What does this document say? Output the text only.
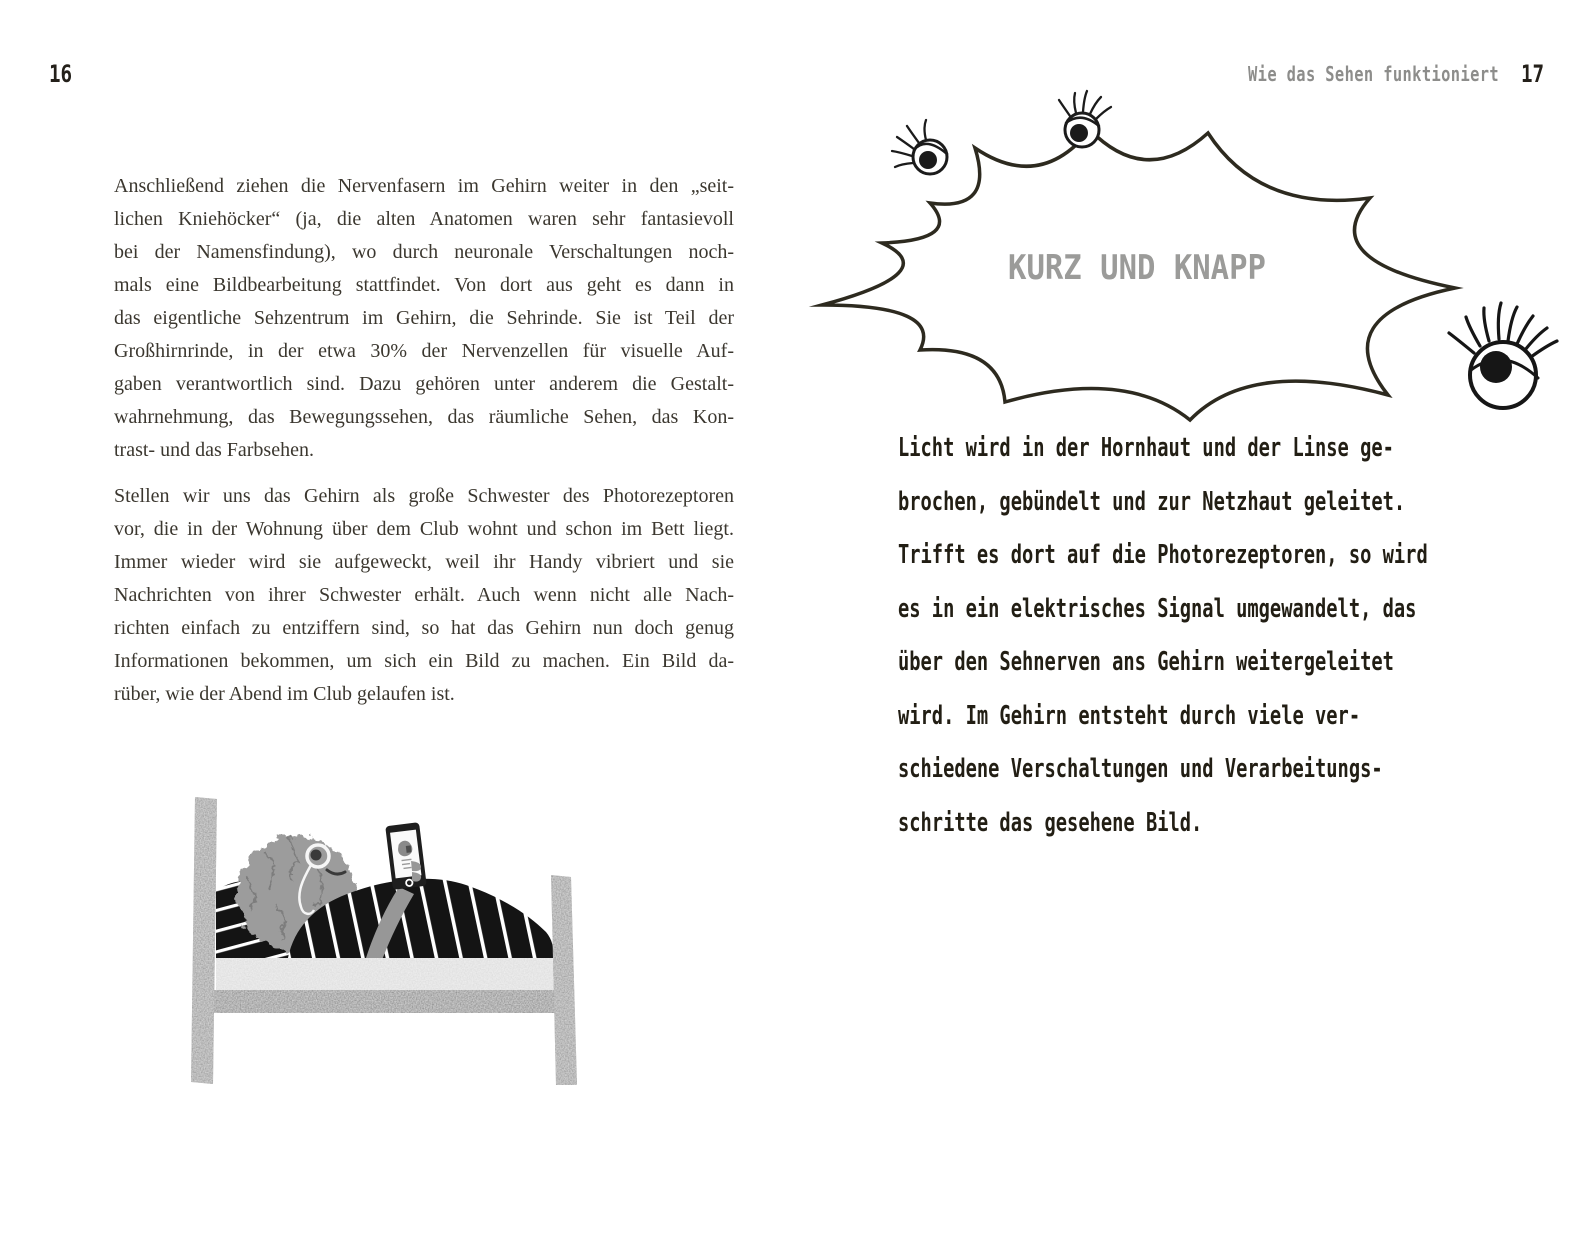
16
Anschließend ziehen die Nervenfasern im Gehirn weiter in den „seit-
lichen Kniehöcker“ (ja, die alten Anatomen waren sehr fantasievoll
bei der Namensfindung), wo durch neuronale Verschaltungen noch-
mals eine Bildbearbeitung stattfindet. Von dort aus geht es dann in
das eigentliche Sehzentrum im Gehirn, die Sehrinde. Sie ist Teil der
Großhirnrinde, in der etwa 30% der Nervenzellen für visuelle Auf-
gaben verantwortlich sind. Dazu gehören unter anderem die Gestalt-
wahrnehmung, das Bewegungssehen, das räumliche Sehen, das Kon-
trast- und das Farbsehen.
Stellen wir uns das Gehirn als große Schwester des Photorezeptoren
vor, die in der Wohnung über dem Club wohnt und schon im Bett liegt.
Immer wieder wird sie aufgeweckt, weil ihr Handy vibriert und sie
Nachrichten von ihrer Schwester erhält. Auch wenn nicht alle Nach-
richten einfach zu entziffern sind, so hat das Gehirn nun doch genug
Informationen bekommen, um sich ein Bild zu machen. Ein Bild da-
rüber, wie der Abend im Club gelaufen ist.
Wie das Sehen funktioniert 17
KURZ UND KNAPP
Licht wird in der Hornhaut und der Linse ge-
brochen, gebündelt und zur Netzhaut geleitet.
Trifft es dort auf die Photorezeptoren, so wird
es in ein elektrisches Signal umgewandelt, das
über den Sehnerven ans Gehirn weitergeleitet
wird. Im Gehirn entsteht durch viele ver-
schiedene Verschaltungen und Verarbeitungs-
schritte das gesehene Bild.
